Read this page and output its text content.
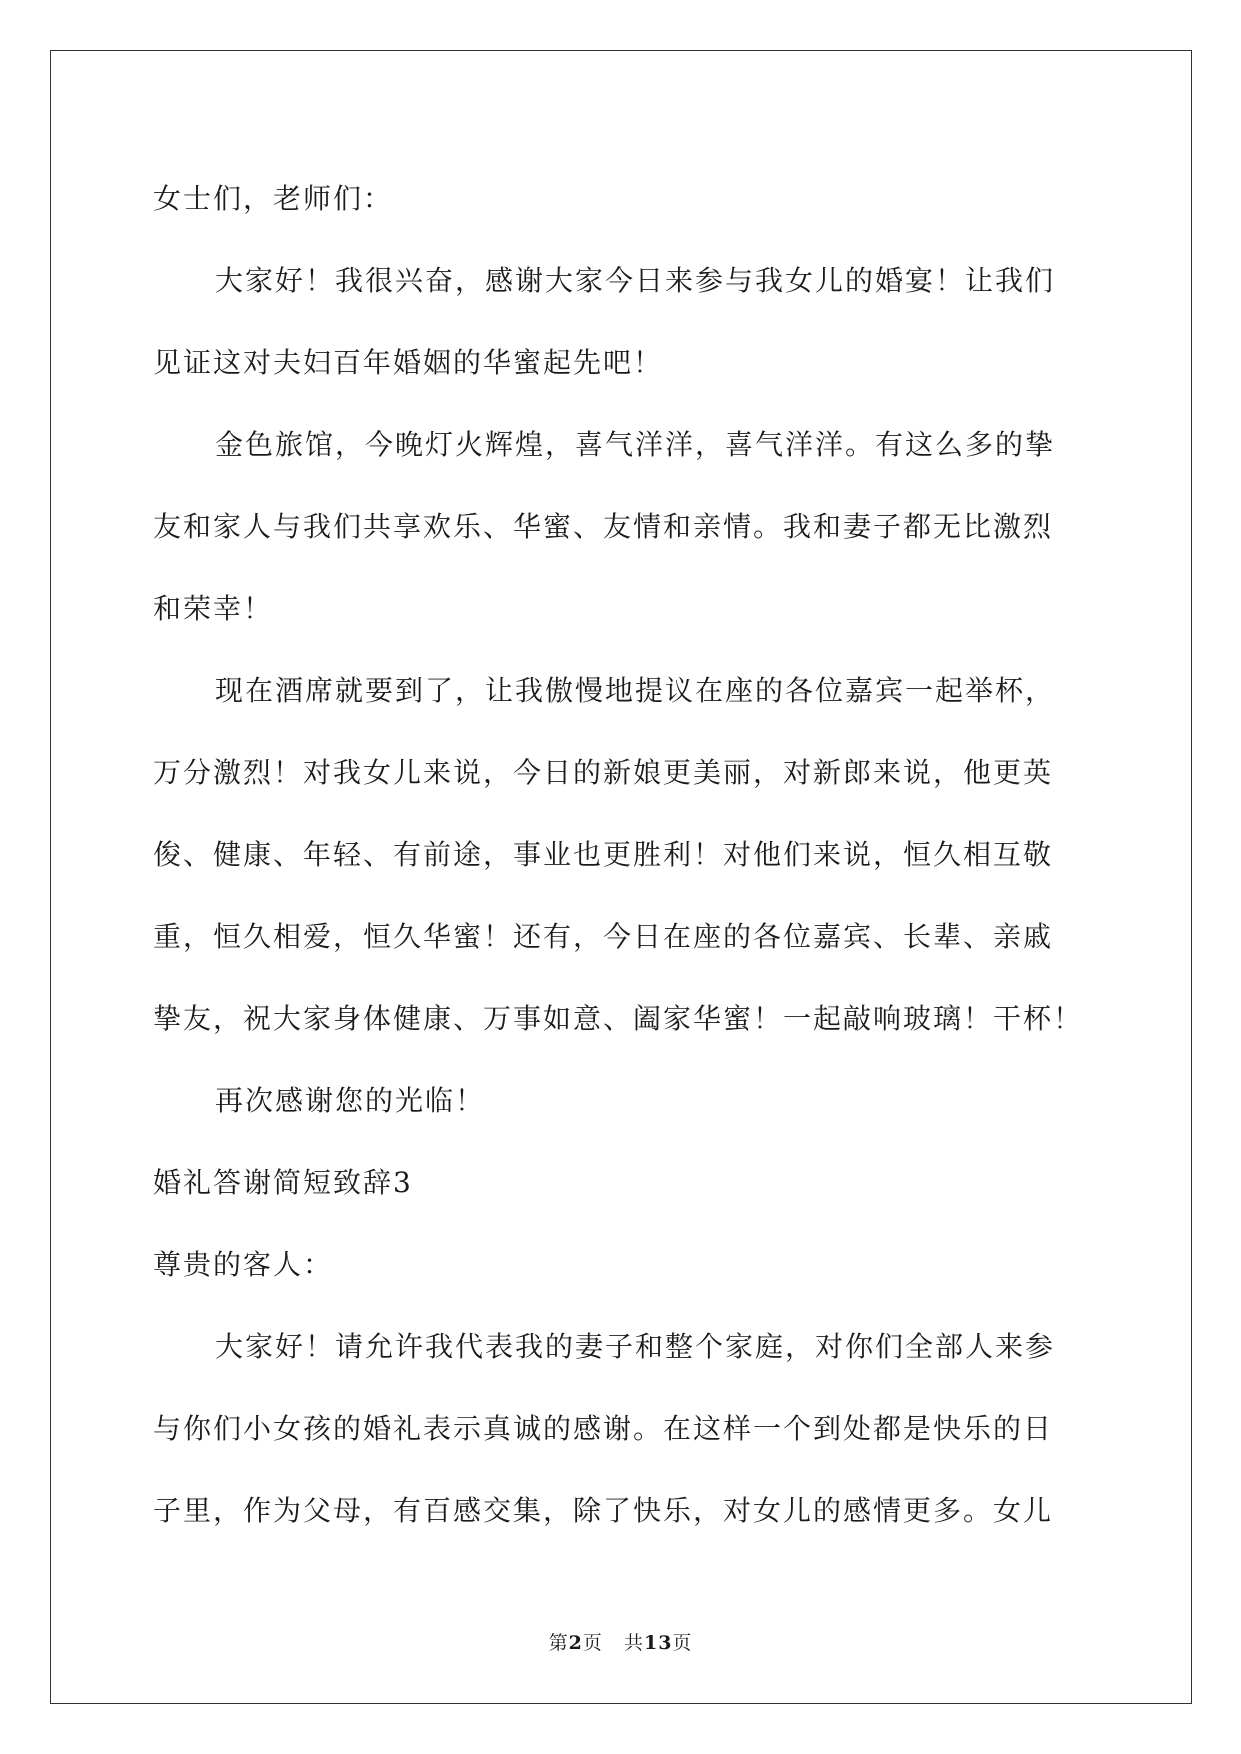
女士们，老师们：
大家好！我很兴奋，感谢大家今日来参与我女儿的婚宴！让我们
见证这对夫妇百年婚姻的华蜜起先吧！
金色旅馆，今晚灯火辉煌，喜气洋洋，喜气洋洋。有这么多的挚
友和家人与我们共享欢乐、华蜜、友情和亲情。我和妻子都无比激烈
和荣幸！
现在酒席就要到了，让我傲慢地提议在座的各位嘉宾一起举杯，
万分激烈！对我女儿来说，今日的新娘更美丽，对新郎来说，他更英
俊、健康、年轻、有前途，事业也更胜利！对他们来说，恒久相互敬
重，恒久相爱，恒久华蜜！还有，今日在座的各位嘉宾、长辈、亲戚
挚友，祝大家身体健康、万事如意、阖家华蜜！一起敲响玻璃！干杯！
再次感谢您的光临！
婚礼答谢简短致辞3
尊贵的客人：
大家好！请允许我代表我的妻子和整个家庭，对你们全部人来参
与你们小女孩的婚礼表示真诚的感谢。在这样一个到处都是快乐的日
子里，作为父母，有百感交集，除了快乐，对女儿的感情更多。女儿
第2页 共13页
